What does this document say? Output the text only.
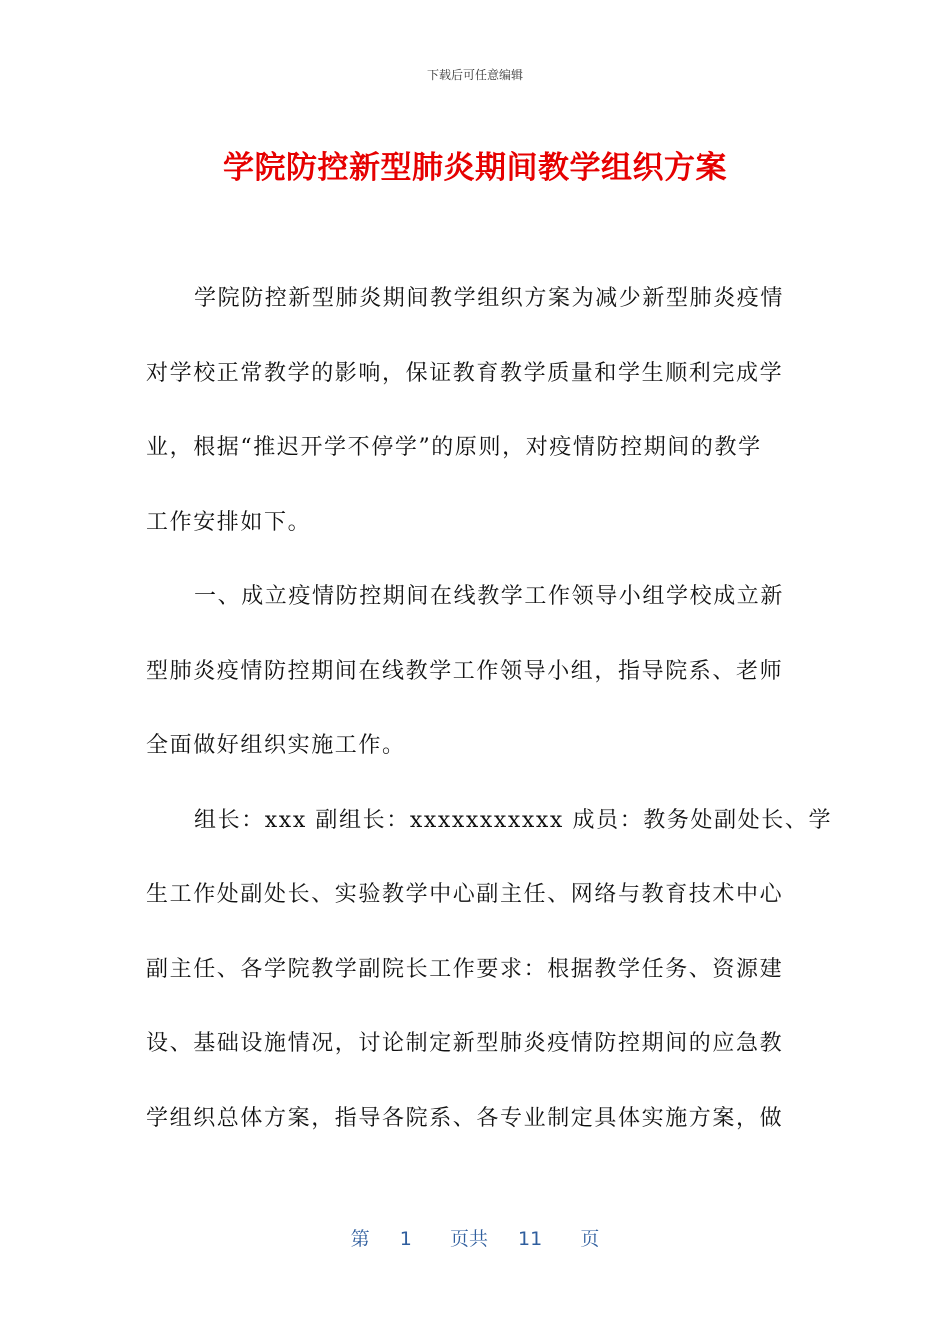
下载后可任意编辑
学院防控新型肺炎期间教学组织方案
学院防控新型肺炎期间教学组织方案为减少新型肺炎疫情
对学校正常教学的影响，保证教育教学质量和学生顺利完成学
业，根据“推迟开学不停学”的原则，对疫情防控期间的教学
工作安排如下。
一、成立疫情防控期间在线教学工作领导小组学校成立新
型肺炎疫情防控期间在线教学工作领导小组，指导院系、老师
全面做好组织实施工作。
组长：xxx 副组长：xxxxxxxxxxx 成员：教务处副处长、学
生工作处副处长、实验教学中心副主任、网络与教育技术中心
副主任、各学院教学副院长工作要求：根据教学任务、资源建
设、基础设施情况，讨论制定新型肺炎疫情防控期间的应急教
学组织总体方案，指导各院系、各专业制定具体实施方案，做
第 1 页共 11 页
